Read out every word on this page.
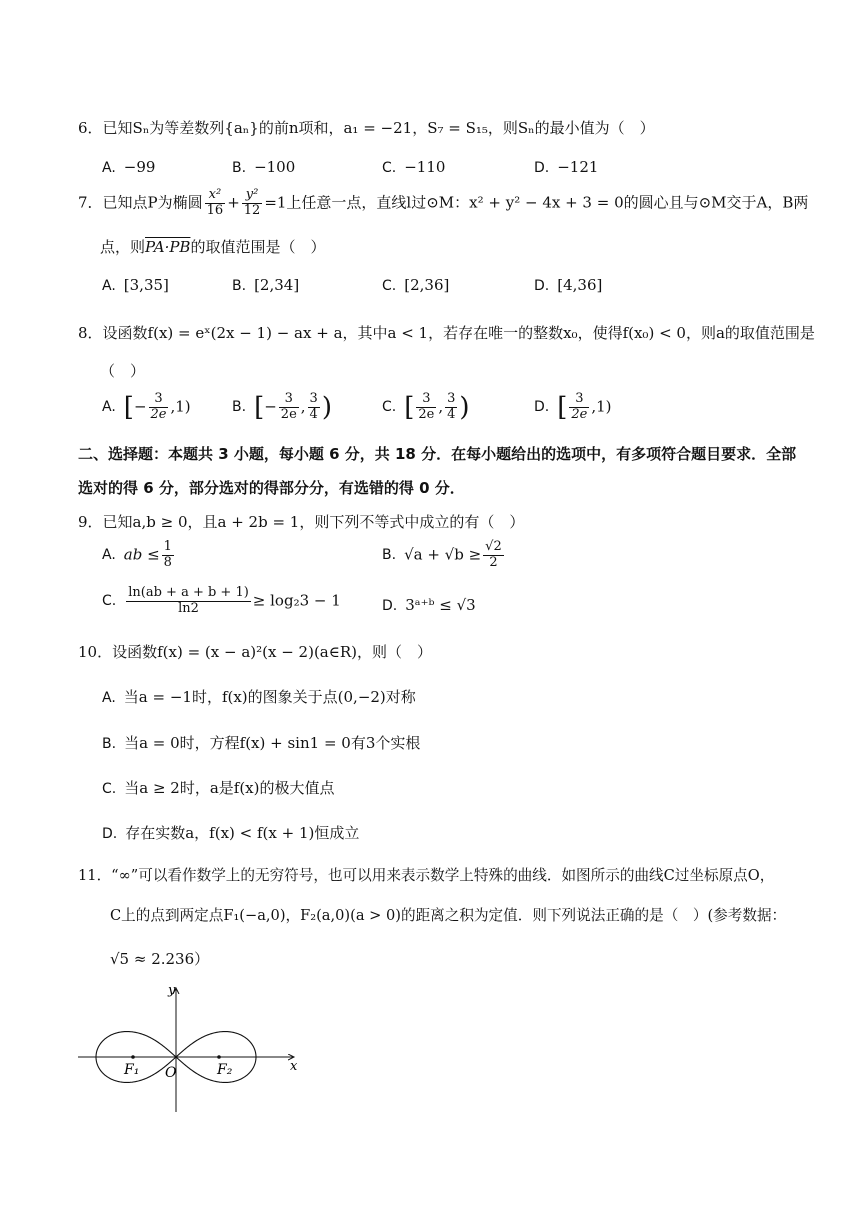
6．已知Sₙ为等差数列{aₙ}的前n项和，a₁ = −21，S₇ = S₁₅，则Sₙ的最小值为（　）
A. −99	B. −100	C. −110	D. −121
7．已知点P为椭圆 $\frac{\text{x²}}{16} + \frac{\text{y²}}{12} =1$上任意一点，直线l过⊙M：x² + y² − 4x + 3 = 0的圆心且与⊙M交于A，B两
点，则PA·PB的取值范围是（　）
A. [3,35]	B. [2,34]	C. [2,36]	D. [4,36]
8．设函数f(x) = eˣ(2x − 1) − ax + a，其中a < 1，若存在唯一的整数x₀，使得f(x₀) < 0，则a的取值范围是
（　）
A. [− $\frac{3}{2e} ,1$)	B. [− $\frac{3}{2e}$ , $\frac{3}{4}$ )	C. [ $\frac{3}{2e}$ , $\frac{3}{4}$ )	D. [ $\frac{3}{2e} ,1$)
二、选择题：本题共 3 小题，每小题 6 分，共 18 分．在每小题给出的选项中，有多项符合题目要求．全部
选对的得 6 分，部分选对的得部分分，有选错的得 0 分．
9．已知a,b ≥ 0，且a + 2b = 1，则下列不等式中成立的有（　）
A. ab ≤ $\frac{1}{8}$	B. $√a + √b \ge \frac{√2}{2}$
C. $\frac{\ln(ab + a + b + 1)}{\ln 2} \ge \log_23 - 1$	D. 3ᵃ⁺ᵇ ≤ √3
10．设函数f(x) = (x − a)²(x − 2)(a∈R)，则（　）
A. 当a = −1时，f(x)的图象关于点(0,−2)对称
B. 当a = 0时，方程f(x) + sin1 = 0有3个实根
C. 当a ≥ 2时，a是f(x)的极大值点
D. 存在实数a，f(x) < f(x + 1)恒成立
11．“∞”可以看作数学上的无穷符号，也可以用来表示数学上特殊的曲线．如图所示的曲线C过坐标原点O，
C上的点到两定点F₁(−a,0)，F₂(a,0)(a > 0)的距离之积为定值．则下列说法正确的是（　）(参考数据：
√5 ≈ 2.236）
x
y
O
F₁	F₂
